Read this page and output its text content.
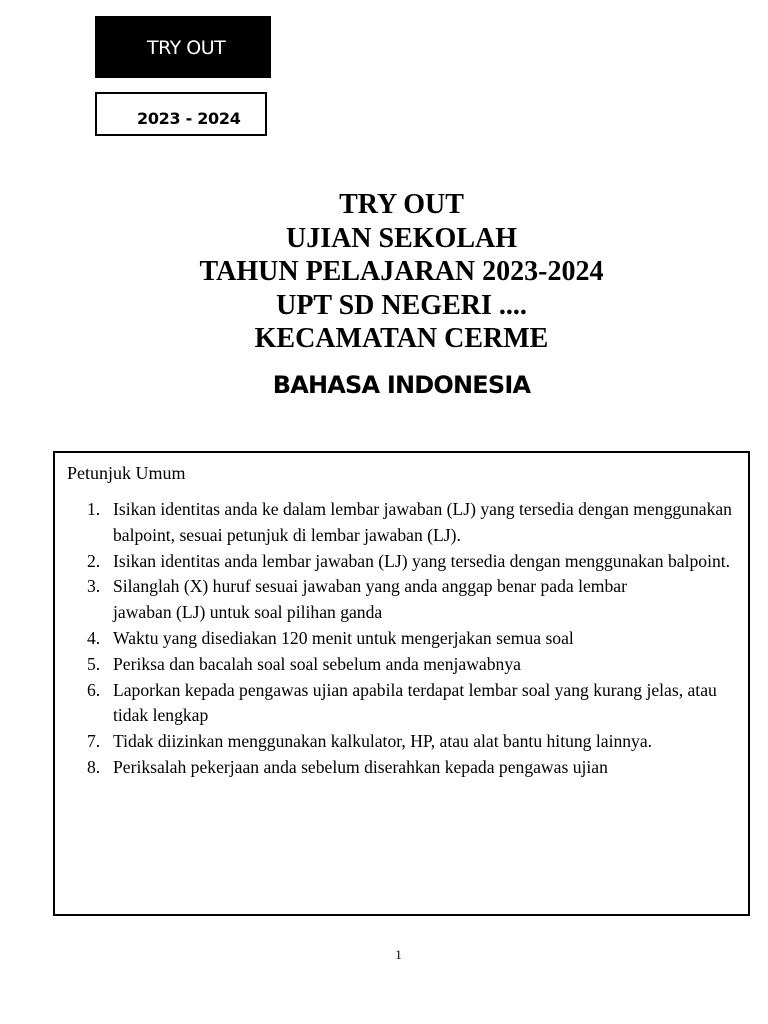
TRY OUT
2023 - 2024

TRY OUT

UJIAN SEKOLAH

TAHUN PELAJARAN 2023-2024

UPT SD NEGERI ....

KECAMATAN CERME

BAHASA INDONESIA

Petunjuk Umum

1. Isikan identitas anda ke dalam lembar jawaban (LJ) yang tersedia dengan menggunakan balpoint, sesuai petunjuk di lembar jawaban (LJ).
2. Isikan identitas anda lembar jawaban (LJ) yang tersedia dengan menggunakan balpoint.
3. Silanglah (X) huruf sesuai jawaban yang anda anggap benar pada lembar jawaban (LJ) untuk soal pilihan ganda
4. Waktu yang disediakan 120 menit untuk mengerjakan semua soal
5. Periksa dan bacalah soal soal sebelum anda menjawabnya
6. Laporkan kepada pengawas ujian apabila terdapat lembar soal yang kurang jelas, atau tidak lengkap
7. Tidak diizinkan menggunakan kalkulator, HP, atau alat bantu hitung lainnya.
8. Periksalah pekerjaan anda sebelum diserahkan kepada pengawas ujian
1
